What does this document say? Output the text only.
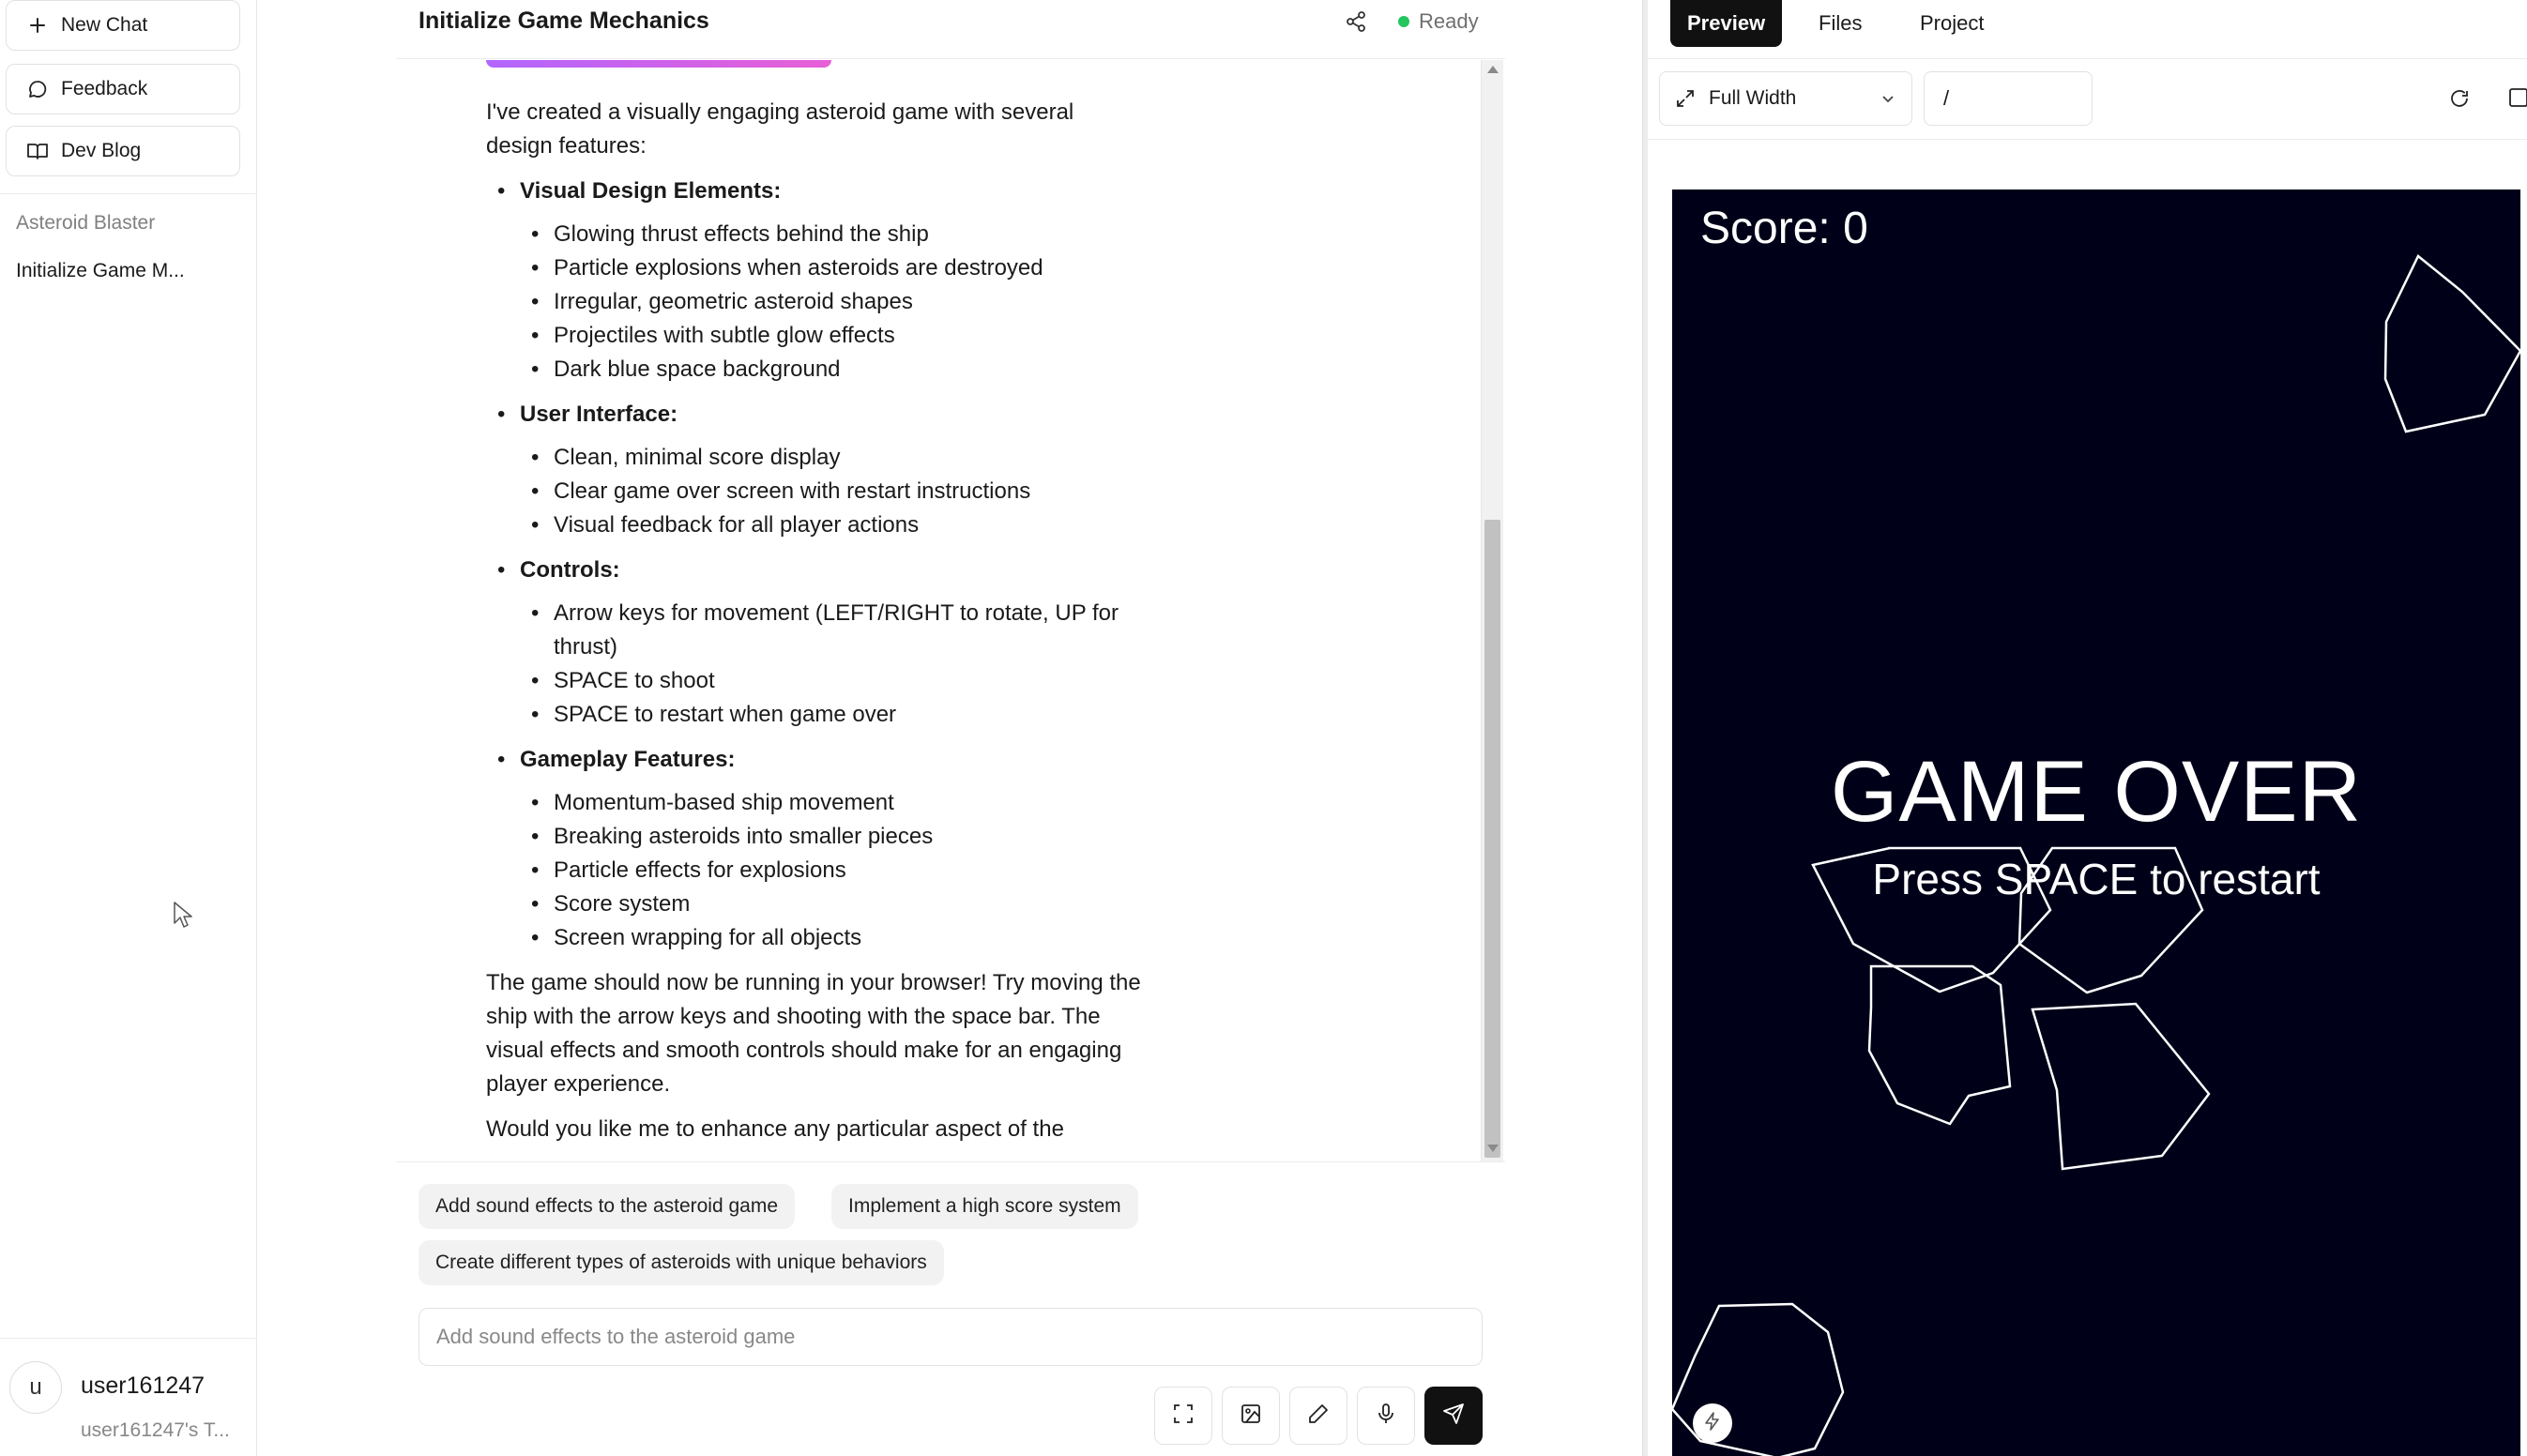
New Chat
Feedback
Dev Blog
Asteroid Blaster
Initialize Game M...
u	user161247
user161247's T...
Initialize Game Mechanics	Ready

I've created a visually engaging asteroid game with several design features:

• Visual Design Elements:
• Glowing thrust effects behind the ship
• Particle explosions when asteroids are destroyed
• Irregular, geometric asteroid shapes
• Projectiles with subtle glow effects
• Dark blue space background
• User Interface:
• Clean, minimal score display
• Clear game over screen with restart instructions
• Visual feedback for all player actions
• Controls:
• Arrow keys for movement (LEFT/RIGHT to rotate, UP for thrust)
• SPACE to shoot
• SPACE to restart when game over
• Gameplay Features:
• Momentum-based ship movement
• Breaking asteroids into smaller pieces
• Particle effects for explosions
• Score system
• Screen wrapping for all objects

The game should now be running in your browser! Try moving the ship with the arrow keys and shooting with the space bar. The visual effects and smooth controls should make for an engaging player experience.

Would you like me to enhance any particular aspect of the

Add sound effects to the asteroid game	Implement a high score system
Create different types of asteroids with unique behaviors
Add sound effects to the asteroid game
Preview	Files	Project
Full Width	/
Score: 0
GAME OVER
Press SPACE to restart
